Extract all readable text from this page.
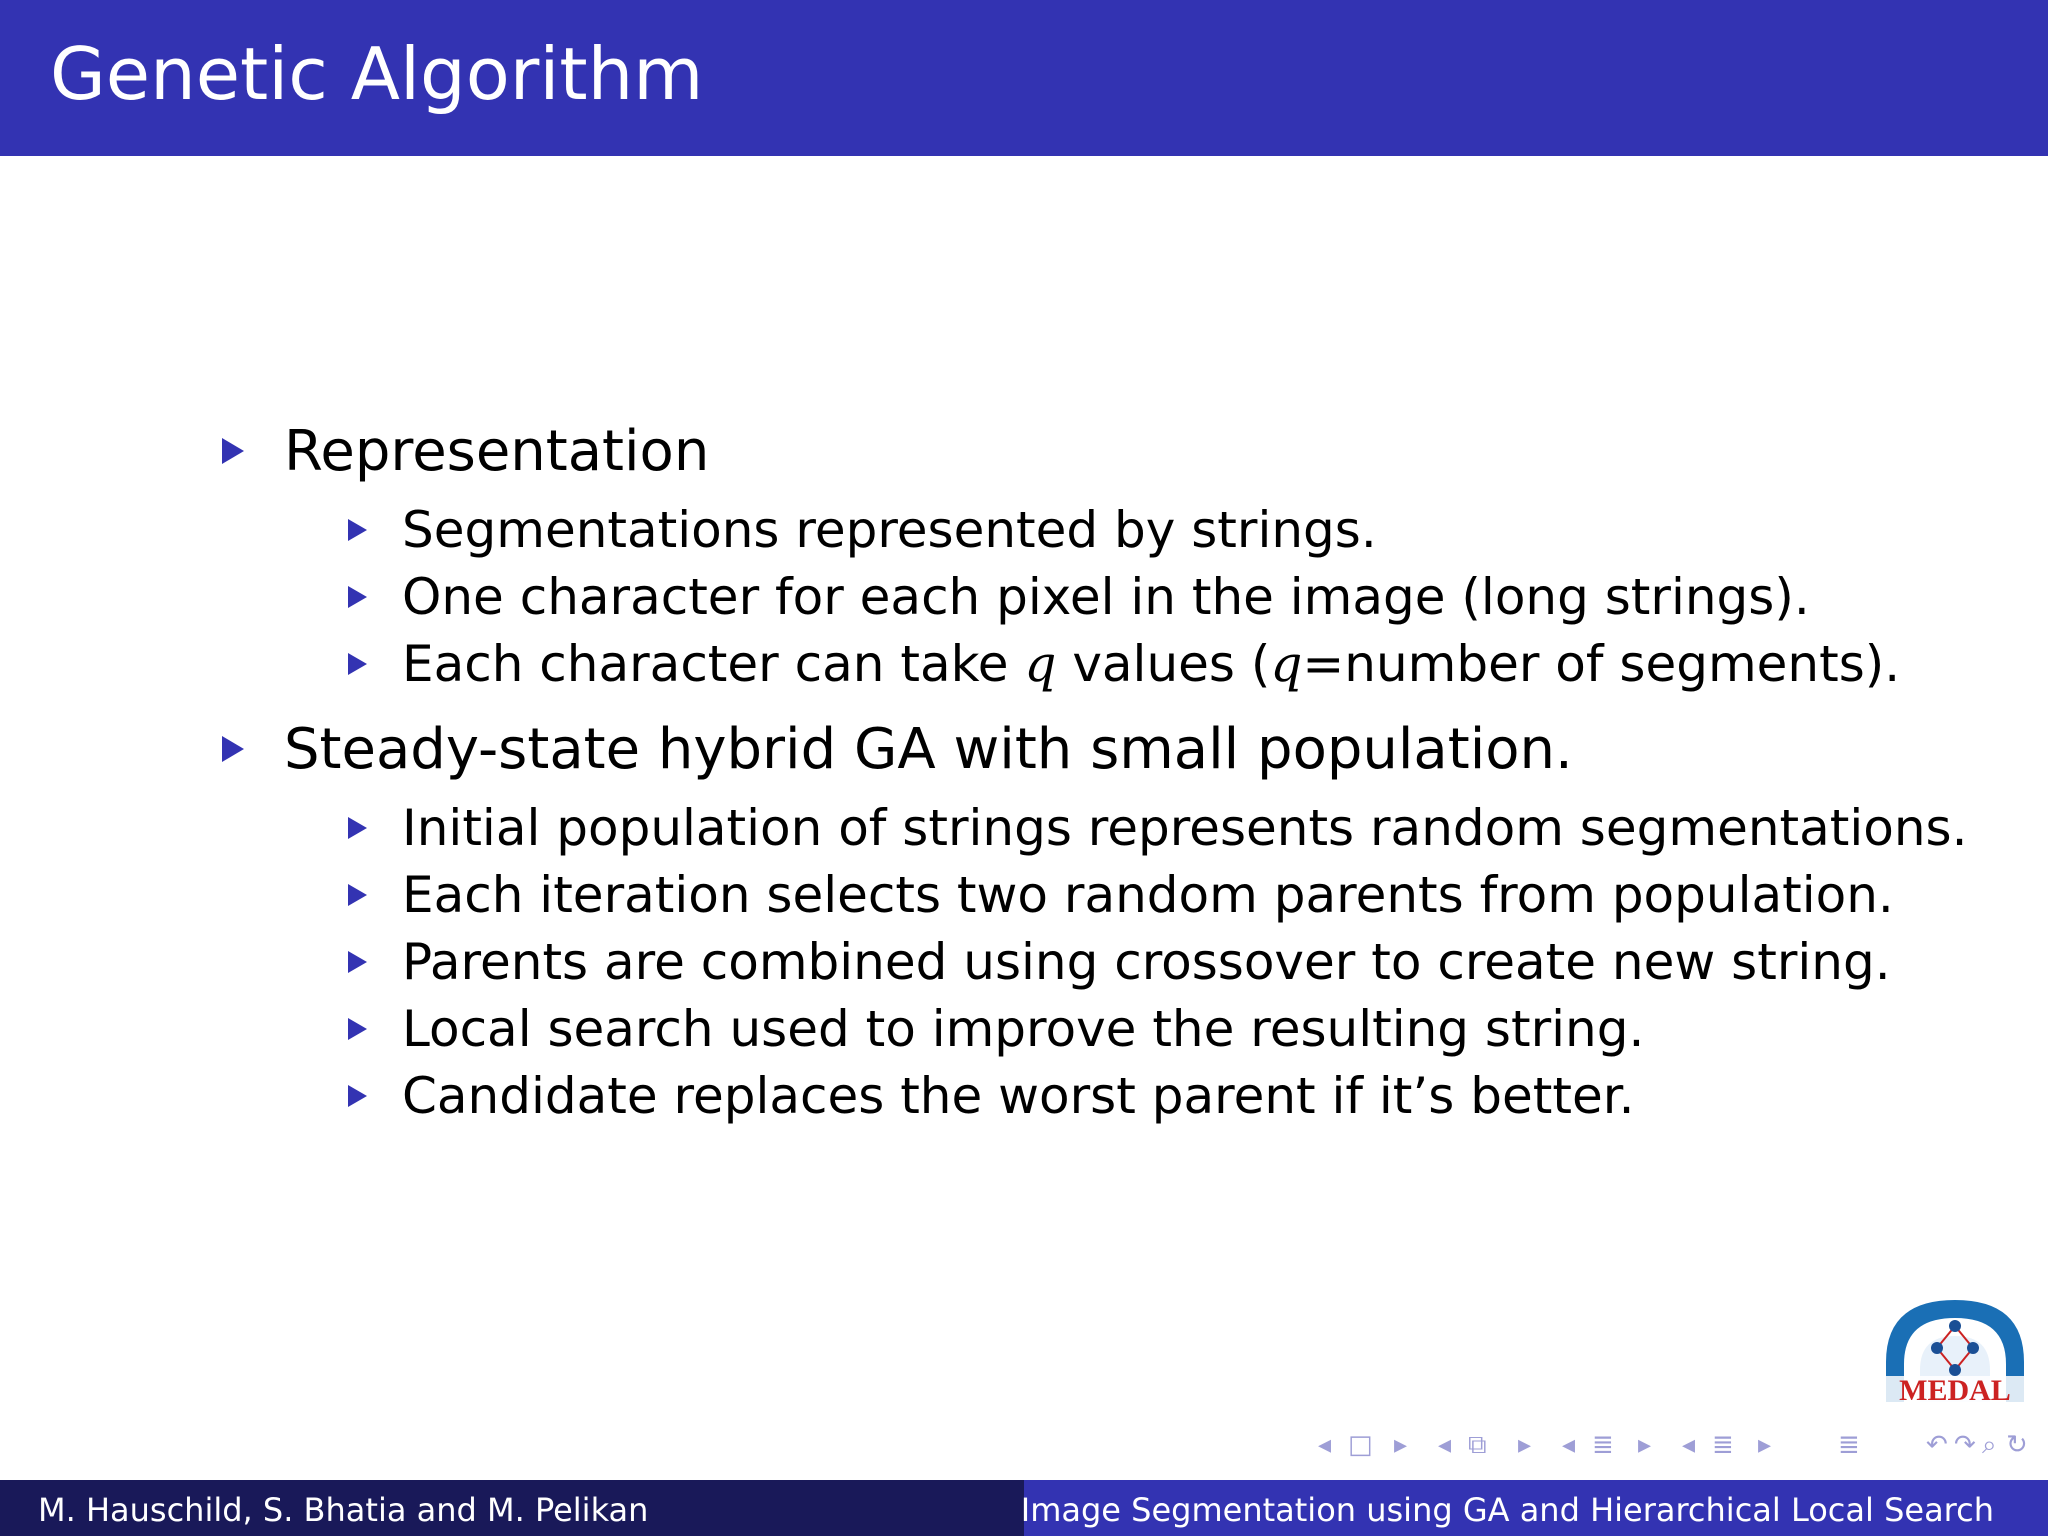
Genetic Algorithm
Representation
Segmentations represented by strings.
One character for each pixel in the image (long strings).
Each character can take q values (q=number of segments).
Steady-state hybrid GA with small population.
Initial population of strings represents random segmentations.
Each iteration selects two random parents from population.
Parents are combined using crossover to create new string.
Local search used to improve the resulting string.
Candidate replaces the worst parent if it’s better.
MEDAL
◂ □ ▸ ◂ ⧉ ▸ ◂ ≣ ▸ ◂ ≣ ▸	≣	↶ ↷ ⌕ ↻
M. Hauschild, S. Bhatia and M. Pelikan	Image Segmentation using GA and Hierarchical Local Search
